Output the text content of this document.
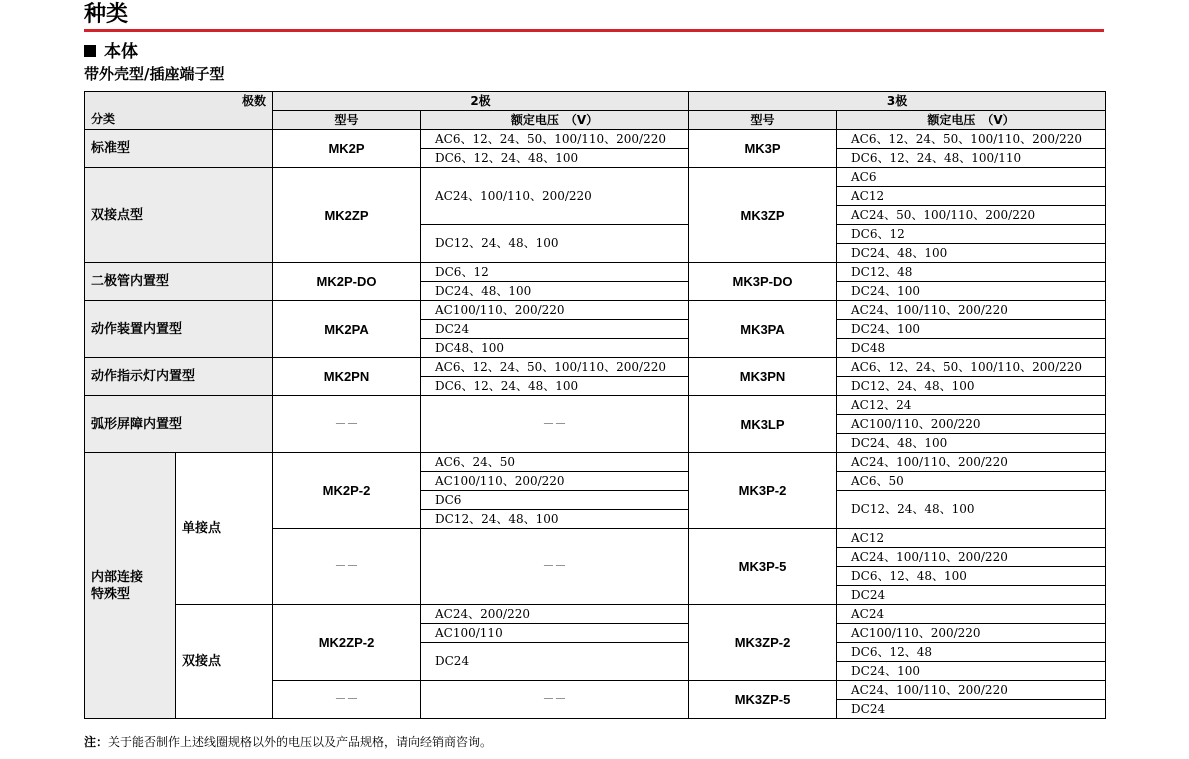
种类
本体
带外壳型/插座端子型
极数
分类		2极		3极	
		型号	额定电压　（V）	型号	额定电压　（V）
标准型		MK2P	AC6、12、24、50、100/110、200/220	MK3P	AC6、12、24、50、100/110、200/220
			DC6、12、24、48、100		DC6、12、24、48、100/110
双接点型		MK2ZP	AC24、100/110、200/220	MK3ZP	AC6
					AC12
					AC24、50、100/110、200/220
			DC12、24、48、100		DC6、12
					DC24、48、100
二极管内置型		MK2P-DO	DC6、12	MK3P-DO	DC12、48
			DC24、48、100		DC24、100
动作装置内置型		MK2PA	AC100/110、200/220	MK3PA	AC24、100/110、200/220
			DC24		DC24、100
			DC48、100		DC48
动作指示灯内置型		MK2PN	AC6、12、24、50、100/110、200/220	MK3PN	AC6、12、24、50、100/110、200/220
			DC6、12、24、48、100		DC12、24、48、100
弧形屏障内置型		－－	－－	MK3LP	AC12、24
					AC100/110、200/220
					DC24、48、100
内部连接
特殊型	单接点	MK2P-2	AC6、24、50	MK3P-2	AC24、100/110、200/220
			AC100/110、200/220		AC6、50
			DC6		DC12、24、48、100
			DC12、24、48、100		
		－－	－－	MK3P-5	AC12
					AC24、100/110、200/220
					DC6、12、48、100
					DC24
	双接点	MK2ZP-2	AC24、200/220	MK3ZP-2	AC24
			AC100/110		AC100/110、200/220
			DC24		DC6、12、48
					DC24、100
		－－	－－	MK3ZP-5	AC24、100/110、200/220
					DC24
注：关于能否制作上述线圈规格以外的电压以及产品规格，请向经销商咨询。
